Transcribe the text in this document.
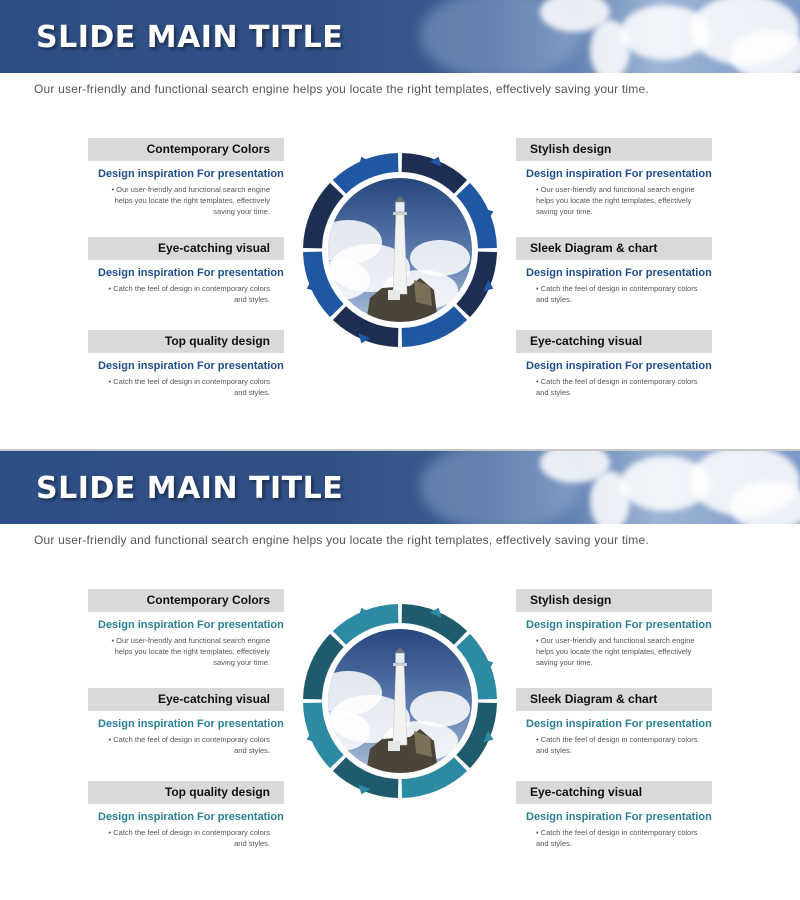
SLIDE MAIN TITLE
Our user-friendly and functional search engine helps you locate the right templates, effectively saving your time.
Contemporary Colors
Design inspiration For presentation
• Our user-friendly and functional search engine helps you locate the right templates, effectively saving your time.
Eye-catching visual
Design inspiration For presentation
• Catch the feel of design in contemporary colors and styles.
Top quality design
Design inspiration For presentation
• Catch the feel of design in contemporary colors and styles.
Stylish design
Design inspiration For presentation
• Our user-friendly and functional search engine helps you locate the right templates, effectively saving your time.
Sleek Diagram & chart
Design inspiration For presentation
• Catch the feel of design in contemporary colors and styles.
Eye-catching visual
Design inspiration For presentation
• Catch the feel of design in contemporary colors and styles.
SLIDE MAIN TITLE
Our user-friendly and functional search engine helps you locate the right templates, effectively saving your time.
Contemporary Colors
Design inspiration For presentation
• Our user-friendly and functional search engine helps you locate the right templates, effectively saving your time.
Eye-catching visual
Design inspiration For presentation
• Catch the feel of design in contemporary colors and styles.
Top quality design
Design inspiration For presentation
• Catch the feel of design in contemporary colors and styles.
Stylish design
Design inspiration For presentation
• Our user-friendly and functional search engine helps you locate the right templates, effectively saving your time.
Sleek Diagram & chart
Design inspiration For presentation
• Catch the feel of design in contemporary colors and styles.
Eye-catching visual
Design inspiration For presentation
• Catch the feel of design in contemporary colors and styles.
